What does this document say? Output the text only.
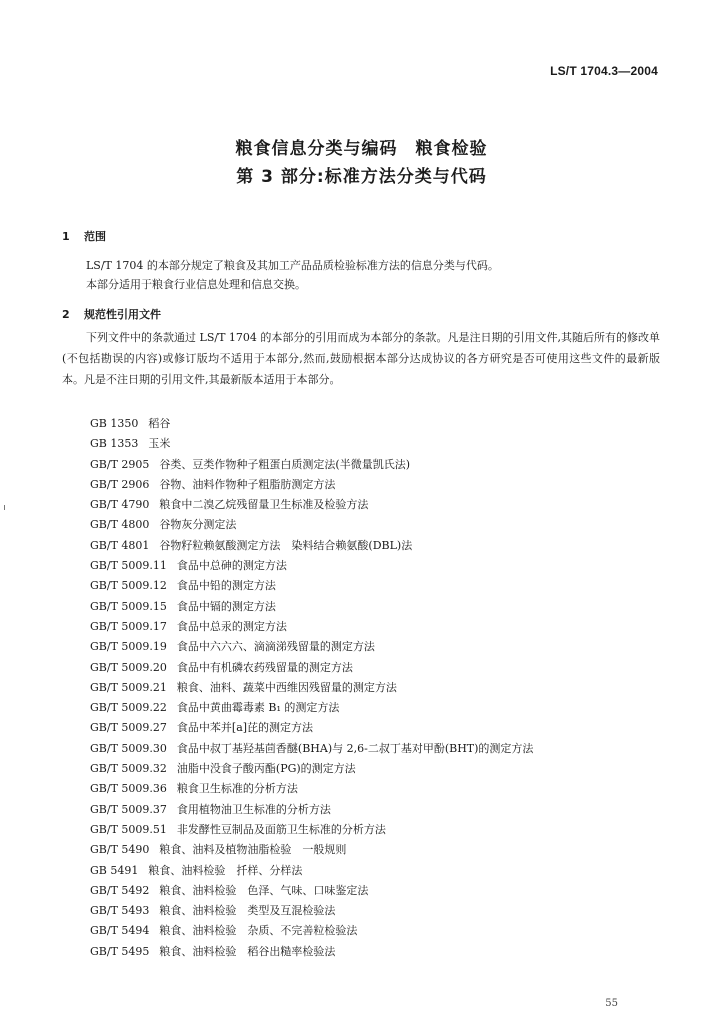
LS/T 1704.3—2004
粮食信息分类与编码　粮食检验
第 3 部分:标准方法分类与代码
1 范围
LS/T 1704 的本部分规定了粮食及其加工产品品质检验标准方法的信息分类与代码。
本部分适用于粮食行业信息处理和信息交换。
2 规范性引用文件
下列文件中的条款通过 LS/T 1704 的本部分的引用而成为本部分的条款。凡是注日期的引用文件,其随后所有的修改单(不包括勘误的内容)或修订版均不适用于本部分,然而,鼓励根据本部分达成协议的各方研究是否可使用这些文件的最新版本。凡是不注日期的引用文件,其最新版本适用于本部分。
GB 1350 稻谷
GB 1353 玉米
GB/T 2905 谷类、豆类作物种子粗蛋白质测定法(半微量凯氏法)
GB/T 2906 谷物、油料作物种子粗脂肪测定方法
GB/T 4790 粮食中二溴乙烷残留量卫生标准及检验方法
GB/T 4800 谷物灰分测定法
GB/T 4801 谷物籽粒赖氨酸测定方法　染料结合赖氨酸(DBL)法
GB/T 5009.11 食品中总砷的测定方法
GB/T 5009.12 食品中铅的测定方法
GB/T 5009.15 食品中镉的测定方法
GB/T 5009.17 食品中总汞的测定方法
GB/T 5009.19 食品中六六六、滴滴涕残留量的测定方法
GB/T 5009.20 食品中有机磷农药残留量的测定方法
GB/T 5009.21 粮食、油料、蔬菜中西维因残留量的测定方法
GB/T 5009.22 食品中黄曲霉毒素 B₁ 的测定方法
GB/T 5009.27 食品中苯并[a]芘的测定方法
GB/T 5009.30 食品中叔丁基羟基茴香醚(BHA)与 2,6-二叔丁基对甲酚(BHT)的测定方法
GB/T 5009.32 油脂中没食子酸丙酯(PG)的测定方法
GB/T 5009.36 粮食卫生标准的分析方法
GB/T 5009.37 食用植物油卫生标准的分析方法
GB/T 5009.51 非发酵性豆制品及面筋卫生标准的分析方法
GB/T 5490 粮食、油料及植物油脂检验　一般规则
GB 5491 粮食、油料检验　扦样、分样法
GB/T 5492 粮食、油料检验　色泽、气味、口味鉴定法
GB/T 5493 粮食、油料检验　类型及互混检验法
GB/T 5494 粮食、油料检验　杂质、不完善粒检验法
GB/T 5495 粮食、油料检验　稻谷出糙率检验法
55
